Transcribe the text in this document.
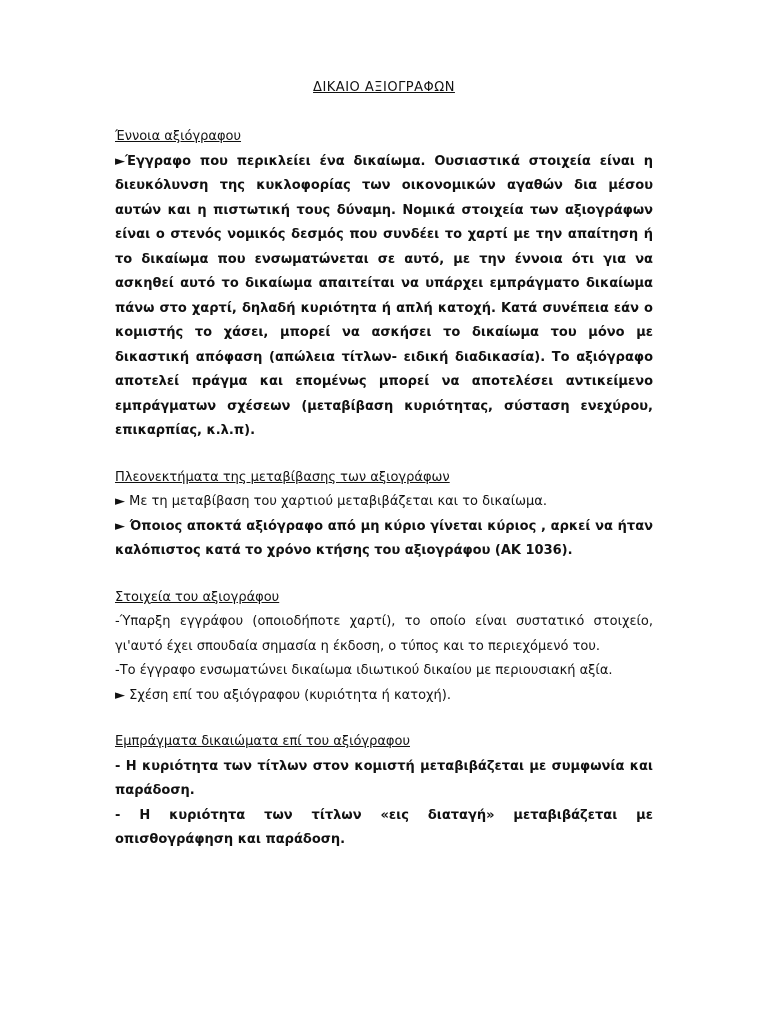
ΔΙΚΑΙΟ ΑΞΙΟΓΡΑΦΩΝ

Έννοια αξιόγραφου

►Έγγραφο που περικλείει ένα δικαίωμα. Ουσιαστικά στοιχεία είναι η διευκόλυνση της κυκλοφορίας των οικονομικών αγαθών δια μέσου αυτών και η πιστωτική τους δύναμη. Νομικά στοιχεία των αξιογράφων είναι ο στενός νομικός δεσμός που συνδέει το χαρτί με την απαίτηση ή το δικαίωμα που ενσωματώνεται σε αυτό, με την έννοια ότι για να ασκηθεί αυτό το δικαίωμα απαιτείται να υπάρχει εμπράγματο δικαίωμα πάνω στο χαρτί, δηλαδή κυριότητα ή απλή κατοχή. Κατά συνέπεια εάν ο κομιστής το χάσει, μπορεί να ασκήσει το δικαίωμα του μόνο με δικαστική απόφαση (απώλεια τίτλων- ειδική διαδικασία). Το αξιόγραφο αποτελεί πράγμα και επομένως μπορεί να αποτελέσει αντικείμενο εμπράγματων σχέσεων (μεταβίβαση κυριότητας, σύσταση ενεχύρου, επικαρπίας, κ.λ.π).

Πλεονεκτήματα της μεταβίβασης των αξιογράφων

► Με τη μεταβίβαση του χαρτιού μεταβιβάζεται και το δικαίωμα.

► Όποιος αποκτά αξιόγραφο από μη κύριο γίνεται κύριος , αρκεί να ήταν καλόπιστος κατά το χρόνο κτήσης του αξιογράφου (ΑΚ 1036).

Στοιχεία του αξιογράφου

-Ύπαρξη εγγράφου (οποιοδήποτε χαρτί), το οποίο είναι συστατικό στοιχείο, γι'αυτό έχει σπουδαία σημασία η έκδοση, ο τύπος και το περιεχόμενό του.

-Το έγγραφο ενσωματώνει δικαίωμα ιδιωτικού δικαίου με περιουσιακή αξία.

► Σχέση επί του αξιόγραφου (κυριότητα ή κατοχή).

Εμπράγματα δικαιώματα επί του αξιόγραφου

- Η κυριότητα των τίτλων στον κομιστή μεταβιβάζεται με συμφωνία και παράδοση.

- Η κυριότητα των τίτλων «εις διαταγή» μεταβιβάζεται με οπισθογράφηση και παράδοση.
